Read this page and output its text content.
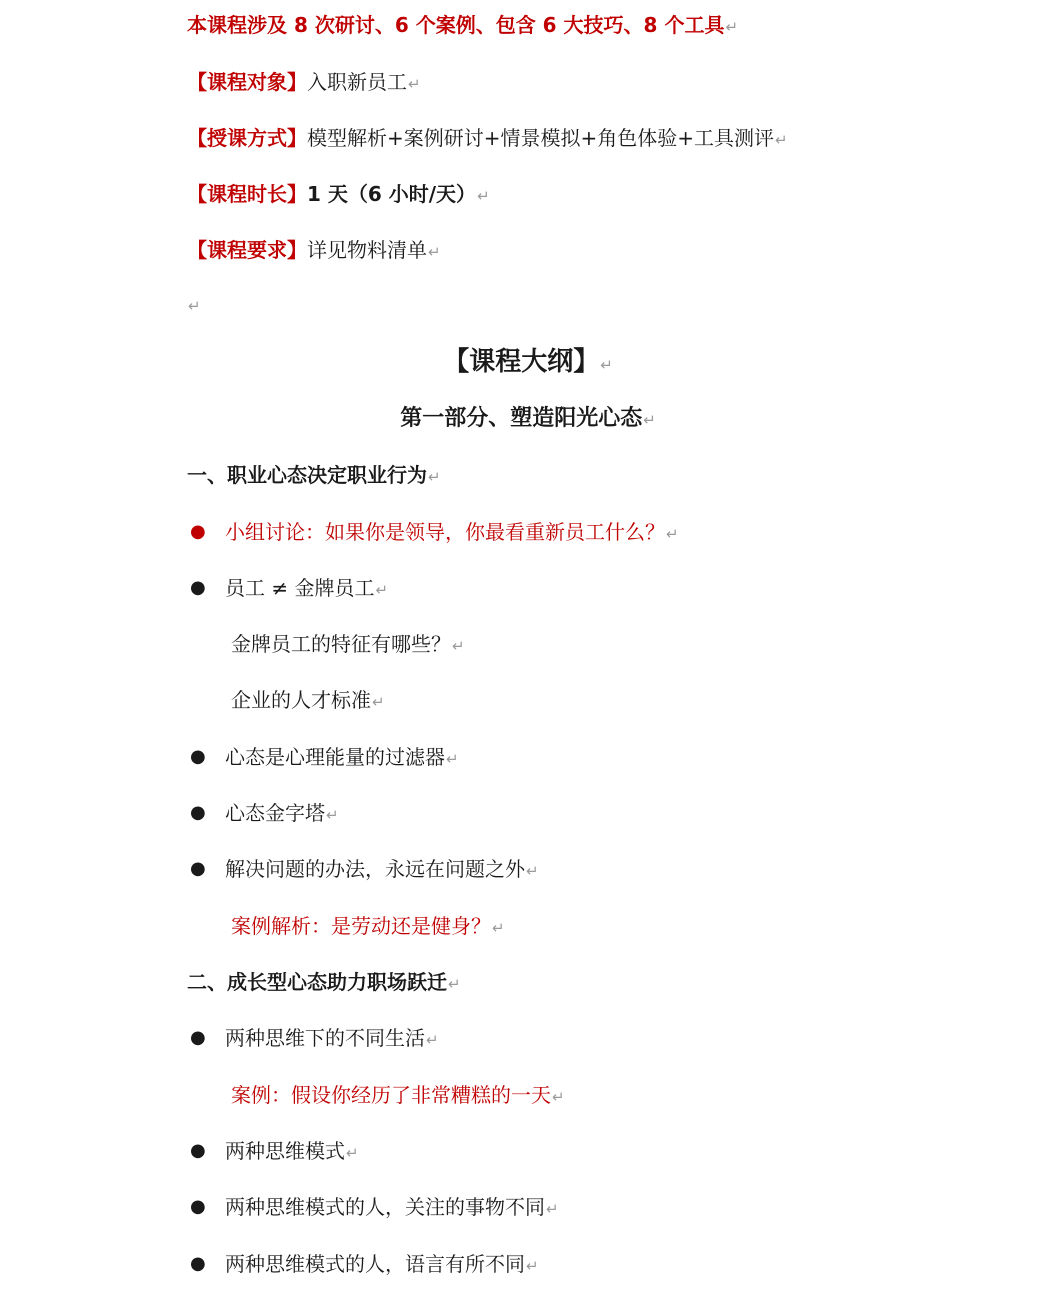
本课程涉及 8 次研讨、6 个案例、包含 6 大技巧、8 个工具↵
【课程对象】入职新员工↵
【授课方式】模型解析+案例研讨+情景模拟+角色体验+工具测评↵
【课程时长】1 天（6 小时/天）↵
【课程要求】详见物料清单↵
↵
【课程大纲】↵
第一部分、塑造阳光心态↵
一、职业心态决定职业行为↵
● 小组讨论：如果你是领导，你最看重新员工什么？↵
● 员工 ≠ 金牌员工↵
金牌员工的特征有哪些？↵
企业的人才标准↵
● 心态是心理能量的过滤器↵
● 心态金字塔↵
● 解决问题的办法，永远在问题之外↵
案例解析：是劳动还是健身？↵
二、成长型心态助力职场跃迁↵
● 两种思维下的不同生活↵
案例：假设你经历了非常糟糕的一天↵
● 两种思维模式↵
● 两种思维模式的人，关注的事物不同↵
● 两种思维模式的人，语言有所不同↵
